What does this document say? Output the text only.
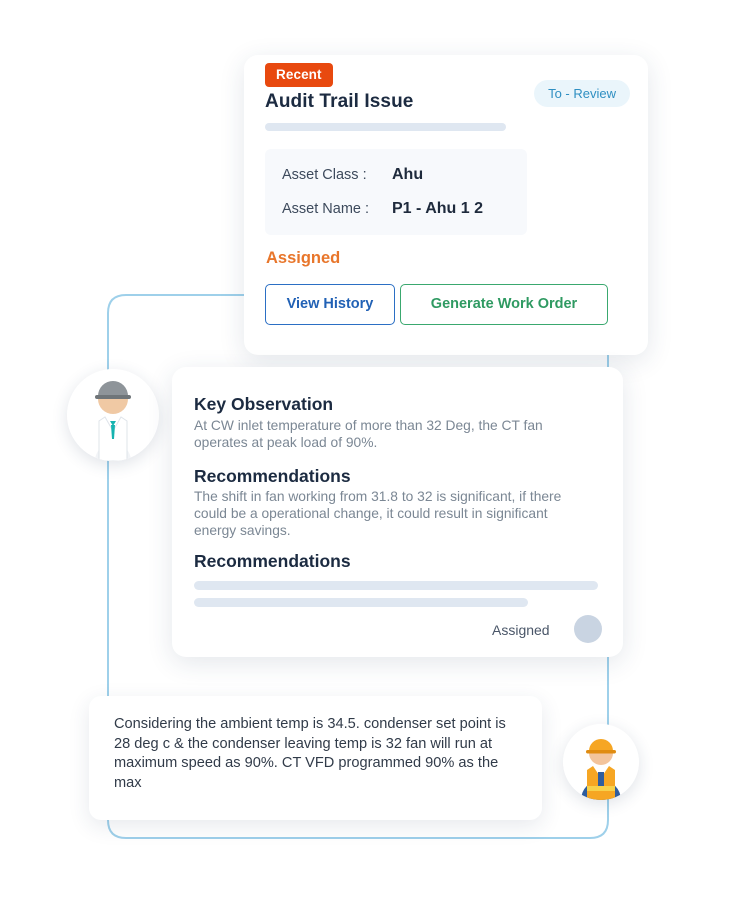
Recent
Audit Trail Issue	To - Review
Asset Class : Ahu
Asset Name : P1 - Ahu 1 2
Assigned
View History	Generate Work Order
Key Observation
At CW inlet temperature of more than 32 Deg, the CT fan operates at peak load of 90%.
Recommendations
The shift in fan working from 31.8 to 32 is significant, if there could be a operational change, it could result in significant energy savings.
Recommendations
Assigned
Considering the ambient temp is 34.5. condenser set point is 28 deg c & the condenser leaving temp is 32 fan will run at maximum speed as 90%. CT VFD programmed 90% as the max
